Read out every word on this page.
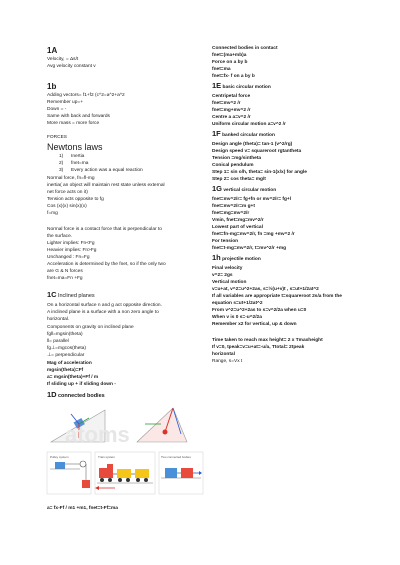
1A
Velocity, = Δs/t
Avg velocity constant v
1b
Adding vectors= f1+f2 (c^2=a^2+a^2
Remember up=+
Down = -
Same with back and forwards
More mass = more force
FORCES
Newtons laws
1) Inertia
2) fnet=ma
3) Every action was a equal reaction
Normal force, fn=fl-mg
inertia( an object will maintain rest state unless external
net force acts on it)
Tension acts opposite to fg
Cos (x)(x) sin(x)(x)
f=mg
Normal force is a contact force that is perpendicular to
the surface.
Lighter implies: Fn<Fg
Heavier implies: Fn>Fg
Unchanged : Fn=Fg
Acceleration is determined by the fnet, so if the only two
are G & N forces
fnet=ma=Fn +Fg
1C Inclined planes
On a horizontal surface n and g act opposite direction.
A inclined plane is a surface with a non zero angle to
horizontal.
Components on gravity on inclined plane
fgll=mgsin(theta)
ll= parallel
fg⊥=mgcos(theta)
⊥= perpendicular
Mag of acceleration
mgsin(theta)=Ff
a= mgsin(theta)+Ff / m
If sliding up + if sliding down -
1D connected bodies
a= fx-Ff / m1 +m1, fnet=t-Ff=ma
atoms
Pulley system	Train system	Two connected bodies
Connected bodies in contact
fnet=(ma+mb)a
Force on a by b
fnet=ma
fnet=fx- f on a by b
1E basic circular motion
Centripetal force
fnet=mv^2 /r
fnet=mg+mv^2 /r
Centre a a=v^2 /r
Uniform circular motion a=v^2 /r
1F banked circular motion
Design angle (theta)= tan-1 (v^2/rg)
Design speed v= squareroot rgtantheta
Tension =mg/sintheta
Conical pendulum
Step 1= sin o/h, theta= sin-1(x/x) for angle
Step 2= cos theta= mg/t
1G vertical circular motion
fnet=mv^2/r= fg+fn or mv^2/r= fg+l
fnet=mv^2/r=m g+t
fnet=mg=mv^2/r
Vmin, fnet=mg=mv^2/r
Lowest part of vertical
fnet=fn-mg=mv^2/r, fn =mg +mv^2 /r
For tension
fnet=t-mg=mv^2/r, t=mv^2/r +mg
1h projectile motion
Final velocity
v^2= 2gs
Vertical motion
v=u+at, v^2=u^2+2as, s=½(u+v)t , s=ut+1/2at^2
If all variables are appropriate t=squareroot 2s/a from the
equation s=ut+1/2at^2
From v^2=u^2+2as to s=v^2/2a when u=0
When v is 0 s=-u^2/2a
Remember x2 for vertical, up & down
Time taken to reach max height= 2 x Tmaxheight
If v=0, tpeak=v=u+at=-u/a, Ttotal= 2tpeak
horizontal
Range, s=Vx t
